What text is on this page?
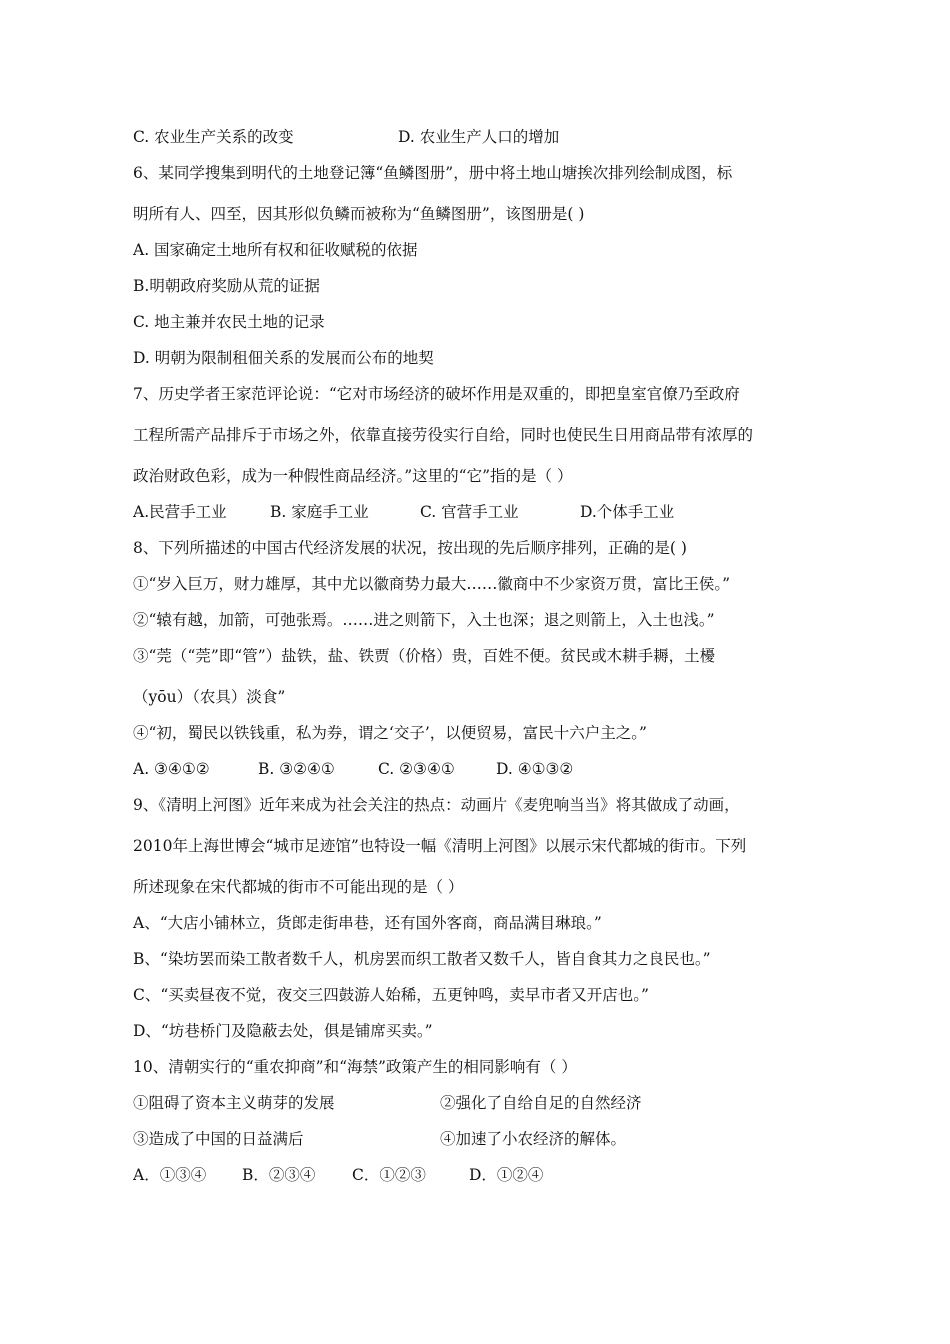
C. 农业生产关系的改变	D. 农业生产人口的增加
6、某同学搜集到明代的土地登记簿“鱼鳞图册”，册中将土地山塘挨次排列绘制成图，标
明所有人、四至，因其形似负鳞而被称为“鱼鳞图册”，该图册是( )
A. 国家确定土地所有权和征收赋税的依据
B.明朝政府奖励从荒的证据
C. 地主兼并农民土地的记录
D. 明朝为限制租佃关系的发展而公布的地契
7、历史学者王家范评论说：“它对市场经济的破坏作用是双重的，即把皇室官僚乃至政府
工程所需产品排斥于市场之外，依靠直接劳役实行自给，同时也使民生日用商品带有浓厚的
政治财政色彩，成为一种假性商品经济。”这里的“它”指的是（ ）
A.民营手工业	B. 家庭手工业	C. 官营手工业	D.个体手工业
8、下列所描述的中国古代经济发展的状况，按出现的先后顺序排列，正确的是( )
①“岁入巨万，财力雄厚，其中尤以徽商势力最大……徽商中不少家资万贯，富比王侯。”
②“辕有越，加箭，可弛张焉。……进之则箭下，入土也深；退之则箭上，入土也浅。”
③“莞（“莞”即“管”）盐铁，盐、铁贾（价格）贵，百姓不便。贫民或木耕手耨，土櫌
（yōu）（农具）淡食”
④“初，蜀民以铁钱重，私为券，谓之‘交子’，以便贸易，富民十六户主之。”
A. ③④①②	B. ③②④①	C. ②③④①	D. ④①③②
9、《清明上河图》近年来成为社会关注的热点：动画片《麦兜响当当》将其做成了动画，
2010年上海世博会“城市足迹馆”也特设一幅《清明上河图》以展示宋代都城的街市。下列
所述现象在宋代都城的街市不可能出现的是（ ）
A、“大店小铺林立，货郎走街串巷，还有国外客商，商品满目琳琅。”
B、“染坊罢而染工散者数千人，机房罢而织工散者又数千人，皆自食其力之良民也。”
C、“买卖昼夜不觉，夜交三四鼓游人始稀，五更钟鸣，卖早市者又开店也。”
D、“坊巷桥门及隐蔽去处，俱是铺席买卖。”
10、清朝实行的“重农抑商”和“海禁”政策产生的相同影响有（ ）
①阻碍了资本主义萌芽的发展	②强化了自给自足的自然经济
③造成了中国的日益满后	④加速了小农经济的解体。
A．①③④ B．②③④ C．①②③	D．①②④
